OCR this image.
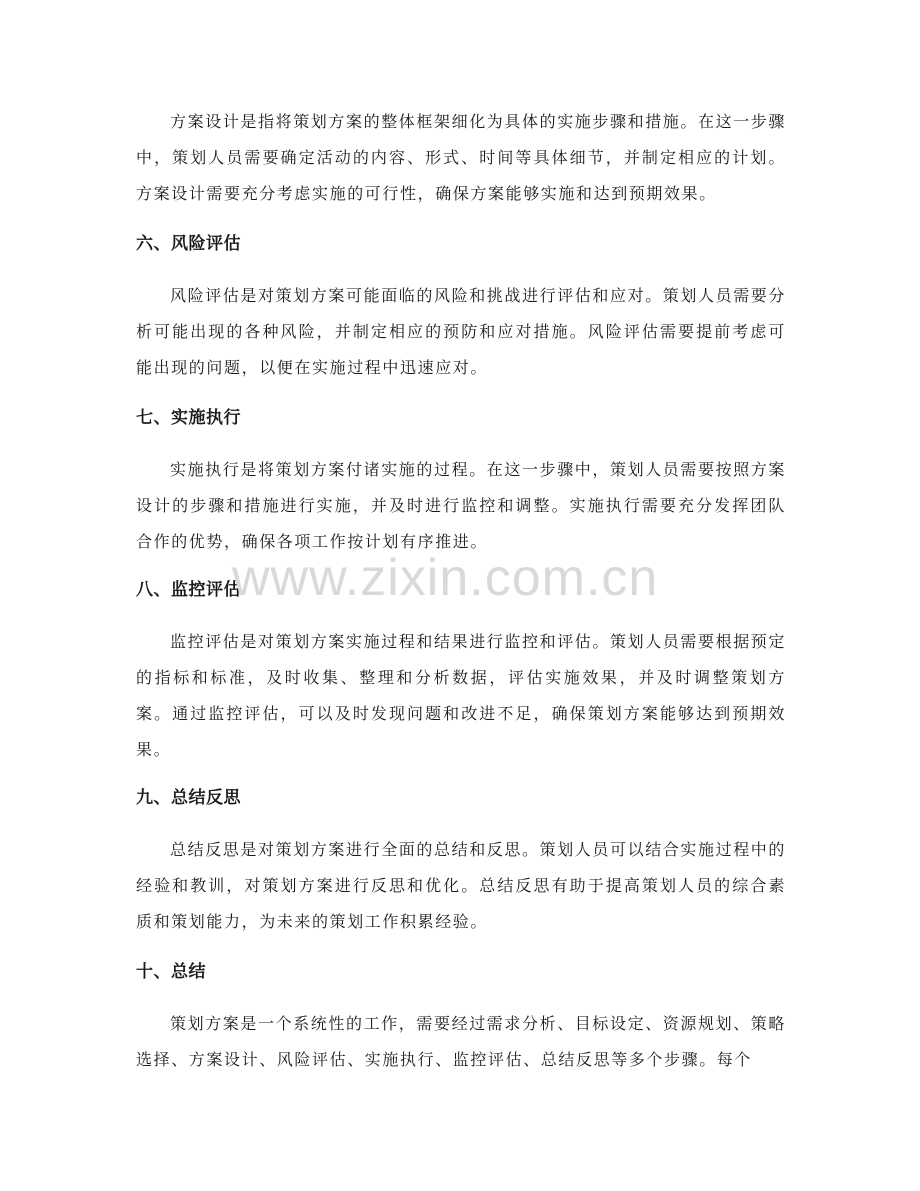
方案设计是指将策划方案的整体框架细化为具体的实施步骤和措施。在这一步骤中，策划人员需要确定活动的内容、形式、时间等具体细节，并制定相应的计划。方案设计需要充分考虑实施的可行性，确保方案能够实施和达到预期效果。

六、风险评估

风险评估是对策划方案可能面临的风险和挑战进行评估和应对。策划人员需要分析可能出现的各种风险，并制定相应的预防和应对措施。风险评估需要提前考虑可能出现的问题，以便在实施过程中迅速应对。

七、实施执行

实施执行是将策划方案付诸实施的过程。在这一步骤中，策划人员需要按照方案设计的步骤和措施进行实施，并及时进行监控和调整。实施执行需要充分发挥团队合作的优势，确保各项工作按计划有序推进。

八、监控评估

监控评估是对策划方案实施过程和结果进行监控和评估。策划人员需要根据预定的指标和标准，及时收集、整理和分析数据，评估实施效果，并及时调整策划方案。通过监控评估，可以及时发现问题和改进不足，确保策划方案能够达到预期效果。

九、总结反思

总结反思是对策划方案进行全面的总结和反思。策划人员可以结合实施过程中的经验和教训，对策划方案进行反思和优化。总结反思有助于提高策划人员的综合素质和策划能力，为未来的策划工作积累经验。

十、总结

策划方案是一个系统性的工作，需要经过需求分析、目标设定、资源规划、策略选择、方案设计、风险评估、实施执行、监控评估、总结反思等多个步骤。每个

www.zixin.com.cn
